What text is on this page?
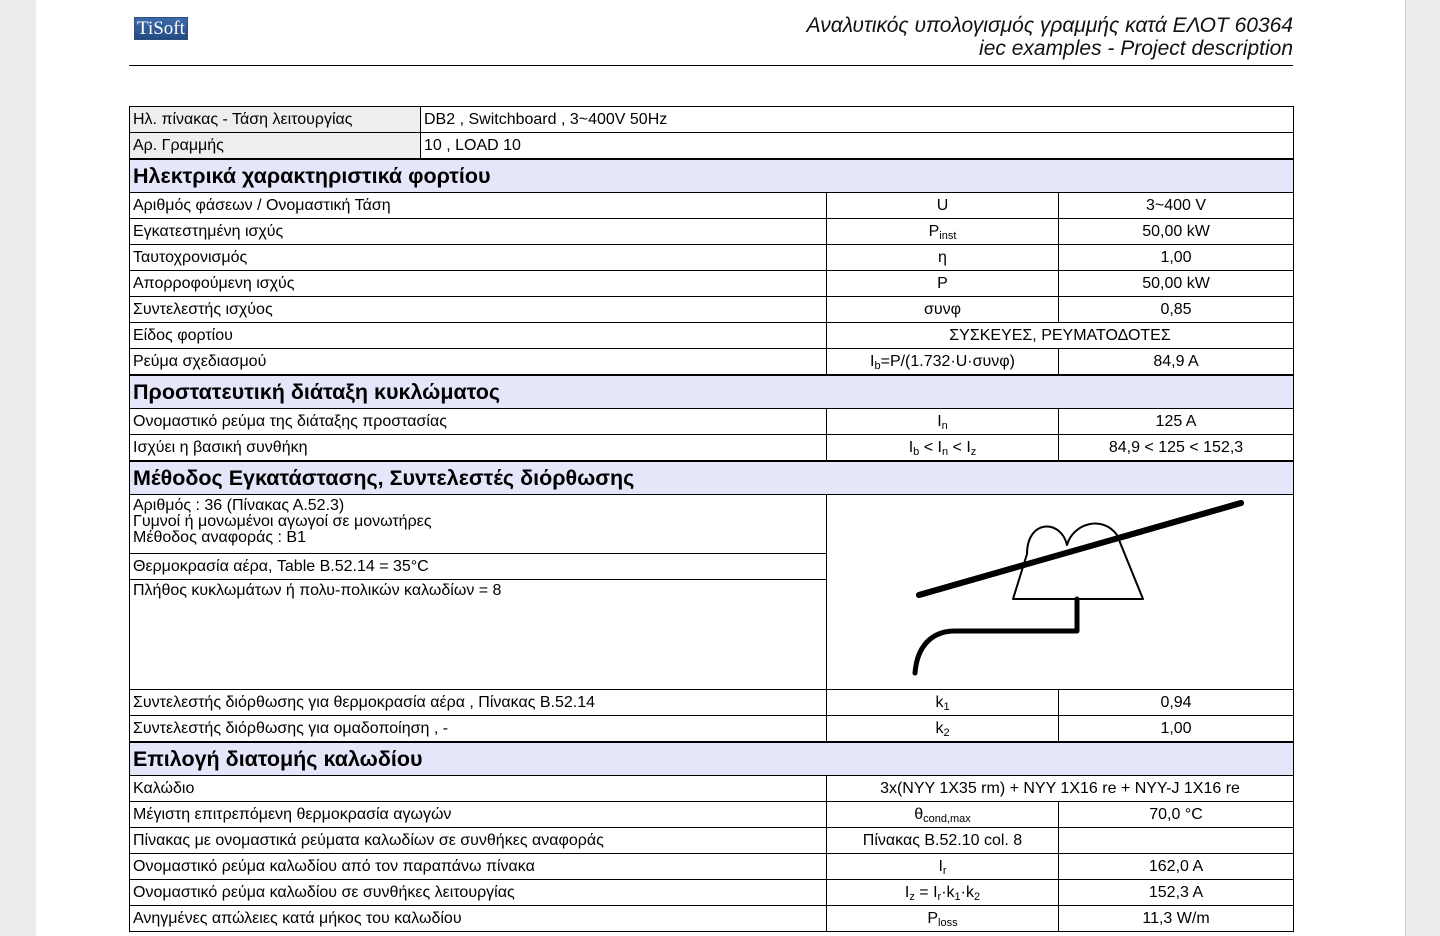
Ti Soft	Αναλυτικός υπολογισμός γραμμής κατά ΕΛΟΤ 60364
iec examples - Project description
Ηλ. πίνακας - Τάση λειτουργίας	DB2 , Switchboard , 3~400V 50Hz		
Αρ. Γραμμής	10 , LOAD 10		
Ηλεκτρικά χαρακτηριστικά φορτίου			
Αριθμός φάσεων / Ονομαστική Τάση		U	3~400 V
Εγκατεστημένη ισχύς		$P_{inst}$	50,00 kW
Ταυτοχρονισμός		η	1,00
Απορροφούμενη ισχύς		P	50,00 kW
Συντελεστής ισχύος		συνφ	0,85
Είδος φορτίου		ΣΥΣΚΕΥΕΣ, ΡΕΥΜΑΤΟΔΟΤΕΣ	
Ρεύμα σχεδιασμού		$I_b=P/(1.732\cdot U\cdot\sigma\upsilon\nu\varphi)$	84,9 A
Προστατευτική διάταξη κυκλώματος			
Ονομαστικό ρεύμα της διάταξης προστασίας		$I_n$	125 A
Ισχύει η βασική συνθήκη		$I_b < I_n < I_z$	84,9 < 125 < 152,3
Μέθοδος Εγκατάστασης, Συντελεστές διόρθωσης			

Αριθμός : 36 (Πίνακας Α.52.3)
Γυμνοί ή μονωμένοι αγωγοί σε μονωτήρες
Μέθοδος αναφοράς : B1

Θερμοκρασία αέρα, Table B.52.14 = 35°C			
Πλήθος κυκλωμάτων ή πολυ-πολικών καλωδίων = 8			
Συντελεστής διόρθωσης για θερμοκρασία αέρα , Πίνακας B.52.14		$k_1$	0,94
Συντελεστής διόρθωσης για ομαδοποίηση , -		$k_2$	1,00
Επιλογή διατομής καλωδίου			
Καλώδιο		3x(NYY 1X35 rm) + NYY 1X16 re + NYY-J 1X16 re	
Μέγιστη επιτρεπόμενη θερμοκρασία αγωγών		$\theta_{cond,max}$	70,0 °C
Πίνακας με ονομαστικά ρεύματα καλωδίων σε συνθήκες αναφοράς		Πίνακας B.52.10 col. 8	
Ονομαστικό ρεύμα καλωδίου από τον παραπάνω πίνακα		$I_r$	162,0 A
Ονομαστικό ρεύμα καλωδίου σε συνθήκες λειτουργίας		$I_z = I_r\cdot k_1\cdot k_2$	152,3 A
Ανηγμένες απώλειες κατά μήκος του καλωδίου		$P_{loss}$	11,3 W/m
